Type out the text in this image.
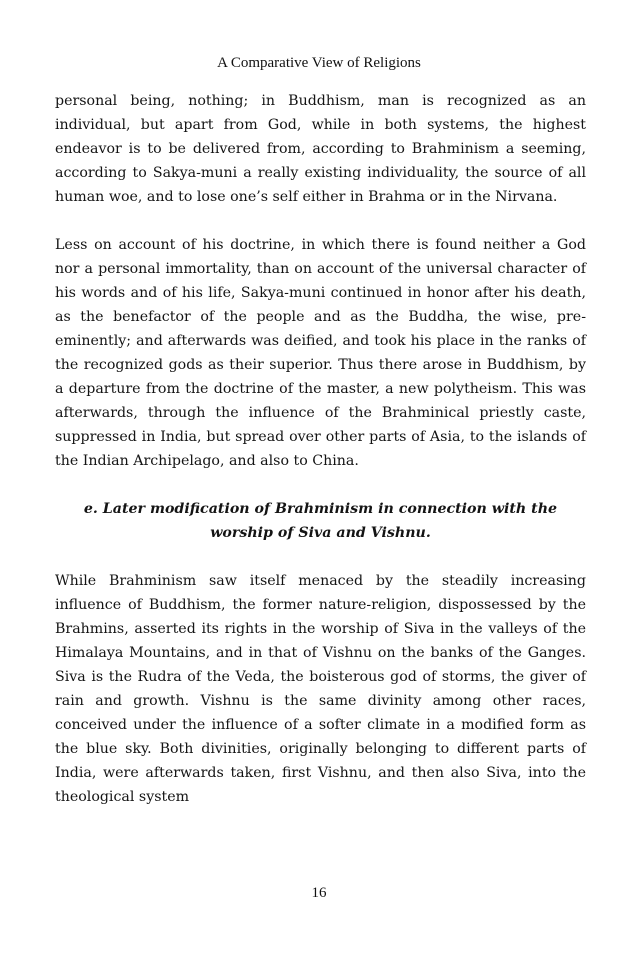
A Comparative View of Religions

personal being, nothing; in Buddhism, man is recognized as an individual, but apart from God, while in both systems, the highest endeavor is to be delivered from, according to Brahminism a seeming, according to Sakya-muni a really existing individuality, the source of all human woe, and to lose one’s self either in Brahma or in the Nirvana.

Less on account of his doctrine, in which there is found neither a God nor a personal immortality, than on account of the universal character of his words and of his life, Sakya-muni continued in honor after his death, as the benefactor of the people and as the Buddha, the wise, pre-eminently; and afterwards was deified, and took his place in the ranks of the recognized gods as their superior. Thus there arose in Buddhism, by a departure from the doctrine of the master, a new polytheism. This was afterwards, through the influence of the Brahminical priestly caste, suppressed in India, but spread over other parts of Asia, to the islands of the Indian Archipelago, and also to China.

e. Later modification of Brahminism in connection with the
worship of Siva and Vishnu.

While Brahminism saw itself menaced by the steadily increasing influence of Buddhism, the former nature-religion, dispossessed by the Brahmins, asserted its rights in the worship of Siva in the valleys of the Himalaya Mountains, and in that of Vishnu on the banks of the Ganges. Siva is the Rudra of the Veda, the boisterous god of storms, the giver of rain and growth. Vishnu is the same divinity among other races, conceived under the influence of a softer climate in a modified form as the blue sky. Both divinities, originally belonging to different parts of India, were afterwards taken, first Vishnu, and then also Siva, into the theological system

16
